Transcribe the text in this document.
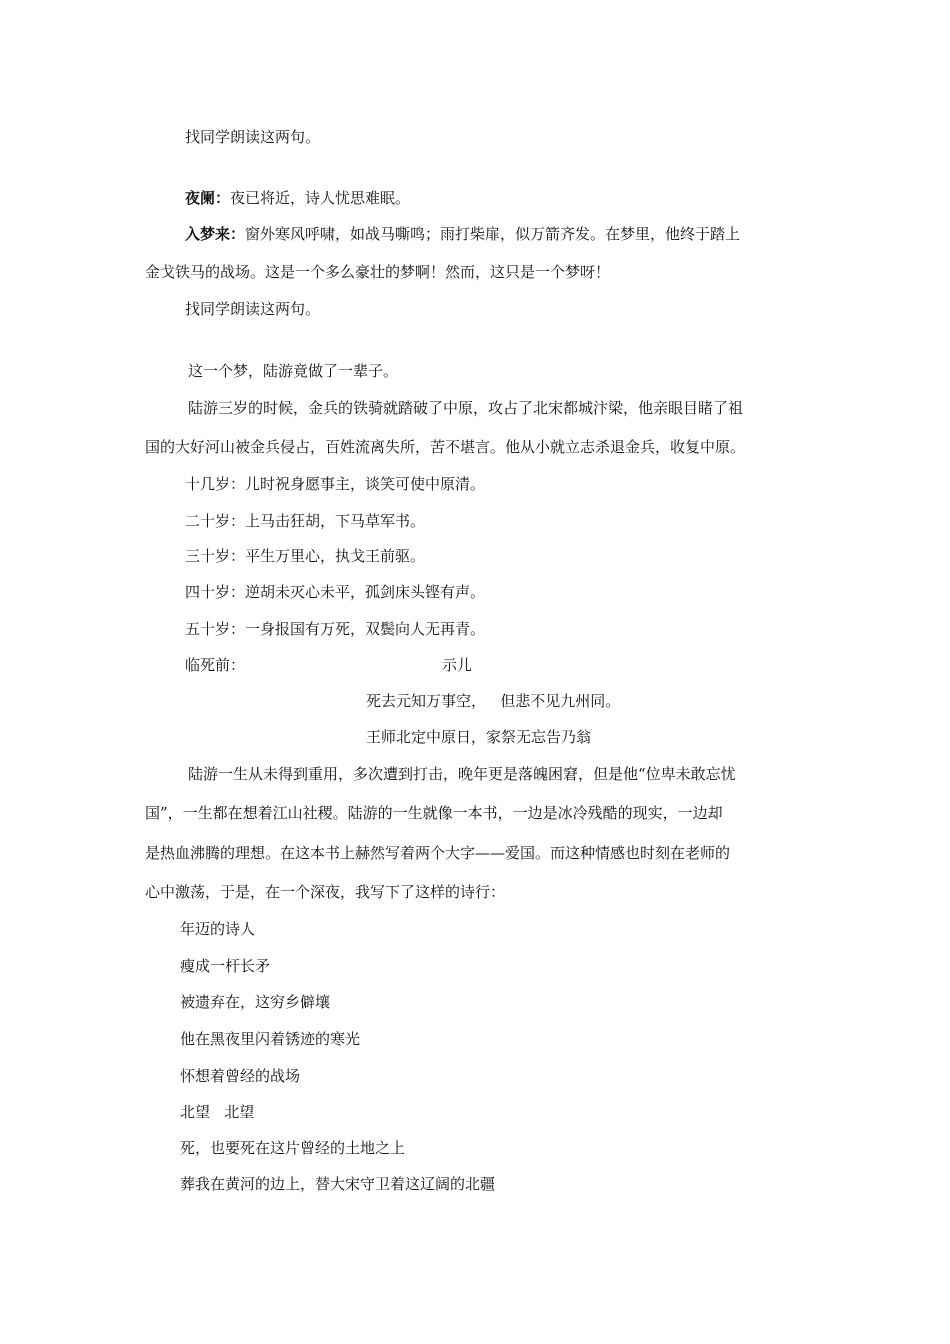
找同学朗读这两句。
夜阑：夜已将近，诗人忧思难眠。
入梦来：窗外寒风呼啸，如战马嘶鸣；雨打柴扉，似万箭齐发。在梦里，他终于踏上
金戈铁马的战场。这是一个多么豪壮的梦啊！然而，这只是一个梦呀！
找同学朗读这两句。
这一个梦，陆游竟做了一辈子。
陆游三岁的时候，金兵的铁骑就踏破了中原，攻占了北宋都城汴梁，他亲眼目睹了祖
国的大好河山被金兵侵占，百姓流离失所，苦不堪言。他从小就立志杀退金兵，收复中原。
十几岁：儿时祝身愿事主，谈笑可使中原清。
二十岁：上马击狂胡，下马草军书。
三十岁：平生万里心，执戈王前驱。
四十岁：逆胡未灭心未平，孤剑床头铿有声。
五十岁：一身报国有万死，双鬓向人无再青。
临死前：	示儿
死去元知万事空，   但悲不见九州同。
王师北定中原日，家祭无忘告乃翁
陆游一生从未得到重用，多次遭到打击，晚年更是落魄困窘，但是他“位卑未敢忘忧
国”，一生都在想着江山社稷。陆游的一生就像一本书，一边是冰冷残酷的现实，一边却
是热血沸腾的理想。在这本书上赫然写着两个大字——爱国。而这种情感也时刻在老师的
心中激荡，于是，在一个深夜，我写下了这样的诗行：
年迈的诗人
瘦成一杆长矛
被遗弃在，这穷乡僻壤
他在黑夜里闪着锈迹的寒光
怀想着曾经的战场
北望   北望
死，也要死在这片曾经的土地之上
葬我在黄河的边上，替大宋守卫着这辽阔的北疆
